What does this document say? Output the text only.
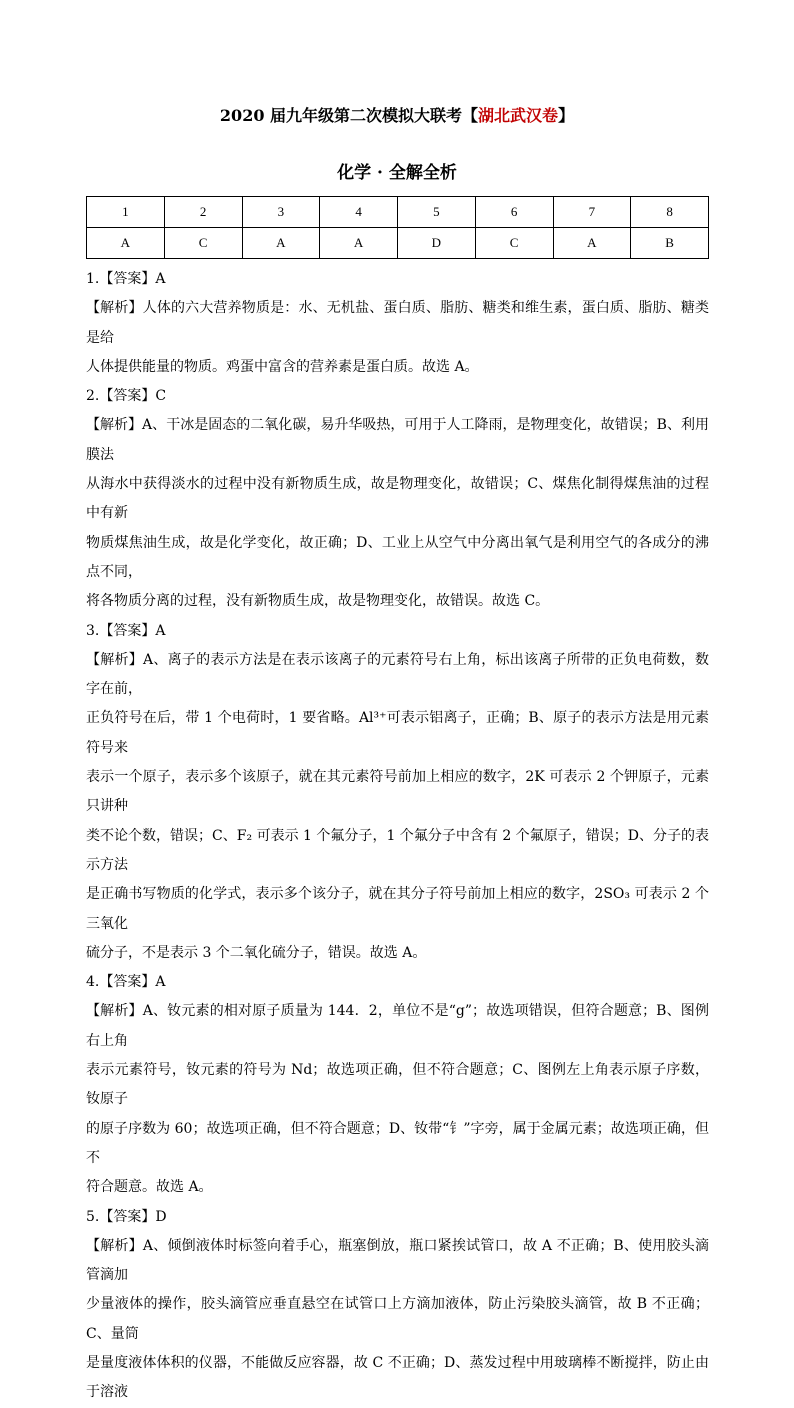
2020 届九年级第二次模拟大联考【湖北武汉卷】
化学 · 全解全析
1	2	3	4	5	6	7	8
A	C	A	A	D	C	A	B

1.【答案】A

【解析】人体的六大营养物质是：水、无机盐、蛋白质、脂肪、糖类和维生素，蛋白质、脂肪、糖类是给

人体提供能量的物质。鸡蛋中富含的营养素是蛋白质。故选 A。

2.【答案】C

【解析】A、干冰是固态的二氧化碳，易升华吸热，可用于人工降雨，是物理变化，故错误；B、利用膜法

从海水中获得淡水的过程中没有新物质生成，故是物理变化，故错误；C、煤焦化制得煤焦油的过程中有新

物质煤焦油生成，故是化学变化，故正确；D、工业上从空气中分离出氧气是利用空气的各成分的沸点不同，

将各物质分离的过程，没有新物质生成，故是物理变化，故错误。故选 C。

3.【答案】A

【解析】A、离子的表示方法是在表示该离子的元素符号右上角，标出该离子所带的正负电荷数，数字在前，

正负符号在后，带 1 个电荷时，1 要省略。Al³⁺可表示铝离子，正确；B、原子的表示方法是用元素符号来

表示一个原子，表示多个该原子，就在其元素符号前加上相应的数字，2K 可表示 2 个钾原子，元素只讲种

类不论个数，错误；C、F₂ 可表示 1 个氟分子，1 个氟分子中含有 2 个氟原子，错误；D、分子的表示方法

是正确书写物质的化学式，表示多个该分子，就在其分子符号前加上相应的数字，2SO₃ 可表示 2 个三氧化

硫分子，不是表示 3 个二氧化硫分子，错误。故选 A。

4.【答案】A

【解析】A、钕元素的相对原子质量为 144．2，单位不是“g”；故选项错误，但符合题意；B、图例右上角

表示元素符号，钕元素的符号为 Nd；故选项正确，但不符合题意；C、图例左上角表示原子序数，钕原子

的原子序数为 60；故选项正确，但不符合题意；D、钕带“钅”字旁，属于金属元素；故选项正确，但不

符合题意。故选 A。

5.【答案】D

【解析】A、倾倒液体时标签向着手心，瓶塞倒放，瓶口紧挨试管口，故 A 不正确；B、使用胶头滴管滴加

少量液体的操作，胶头滴管应垂直悬空在试管口上方滴加液体，防止污染胶头滴管，故 B 不正确；C、量筒

是量度液体体积的仪器，不能做反应容器，故 C 不正确；D、蒸发过程中用玻璃棒不断搅拌，防止由于溶液
